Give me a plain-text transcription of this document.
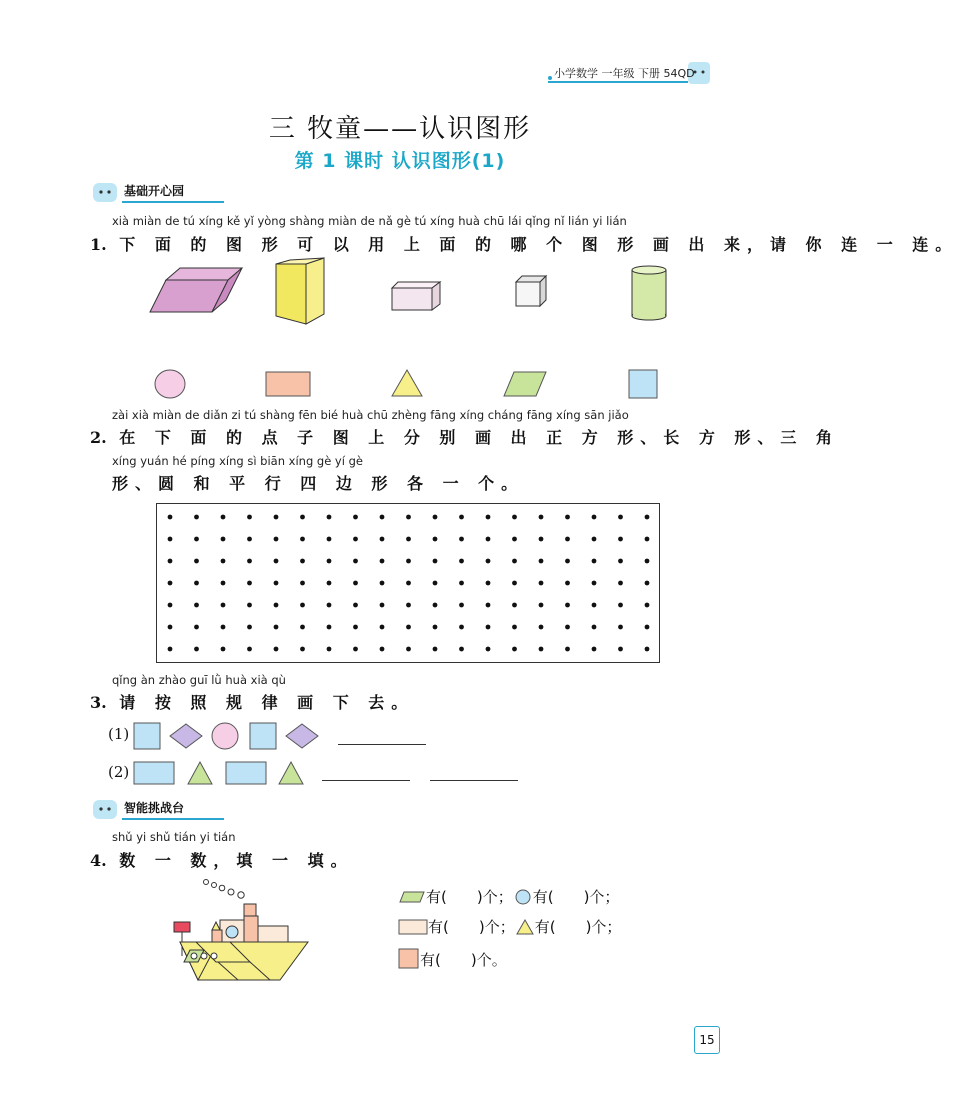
小学数学 一年级 下册 54QD
三 牧童——认识图形
第 1 课时 认识图形(1)
基础开心园
xià miàn de tú xíng kě yǐ yòng shàng miàn de nǎ gè tú xíng huà chū lái qǐng nǐ lián yi lián
1. 下 面 的 图 形 可 以 用 上 面 的 哪 个 图 形 画 出 来，请 你 连 一 连。
zài xià miàn de diǎn zi tú shàng fēn bié huà chū zhèng fāng xíng cháng fāng xíng sān jiǎo
2. 在 下 面 的 点 子 图 上 分 别 画 出 正 方 形、长 方 形、三 角
xíng yuán hé píng xíng sì biān xíng gè yí gè
形、圆 和 平 行 四 边 形 各 一 个。
qǐng àn zhào guī lǜ huà xià qù
3. 请 按 照 规 律 画 下 去。
(1)
(2)
智能挑战台
shǔ yi shǔ tián yi tián
4. 数 一 数，填 一 填。
有(　　)个； 有(　　)个；
有(　　)个； 有(　　)个；
有(　　)个。
15
